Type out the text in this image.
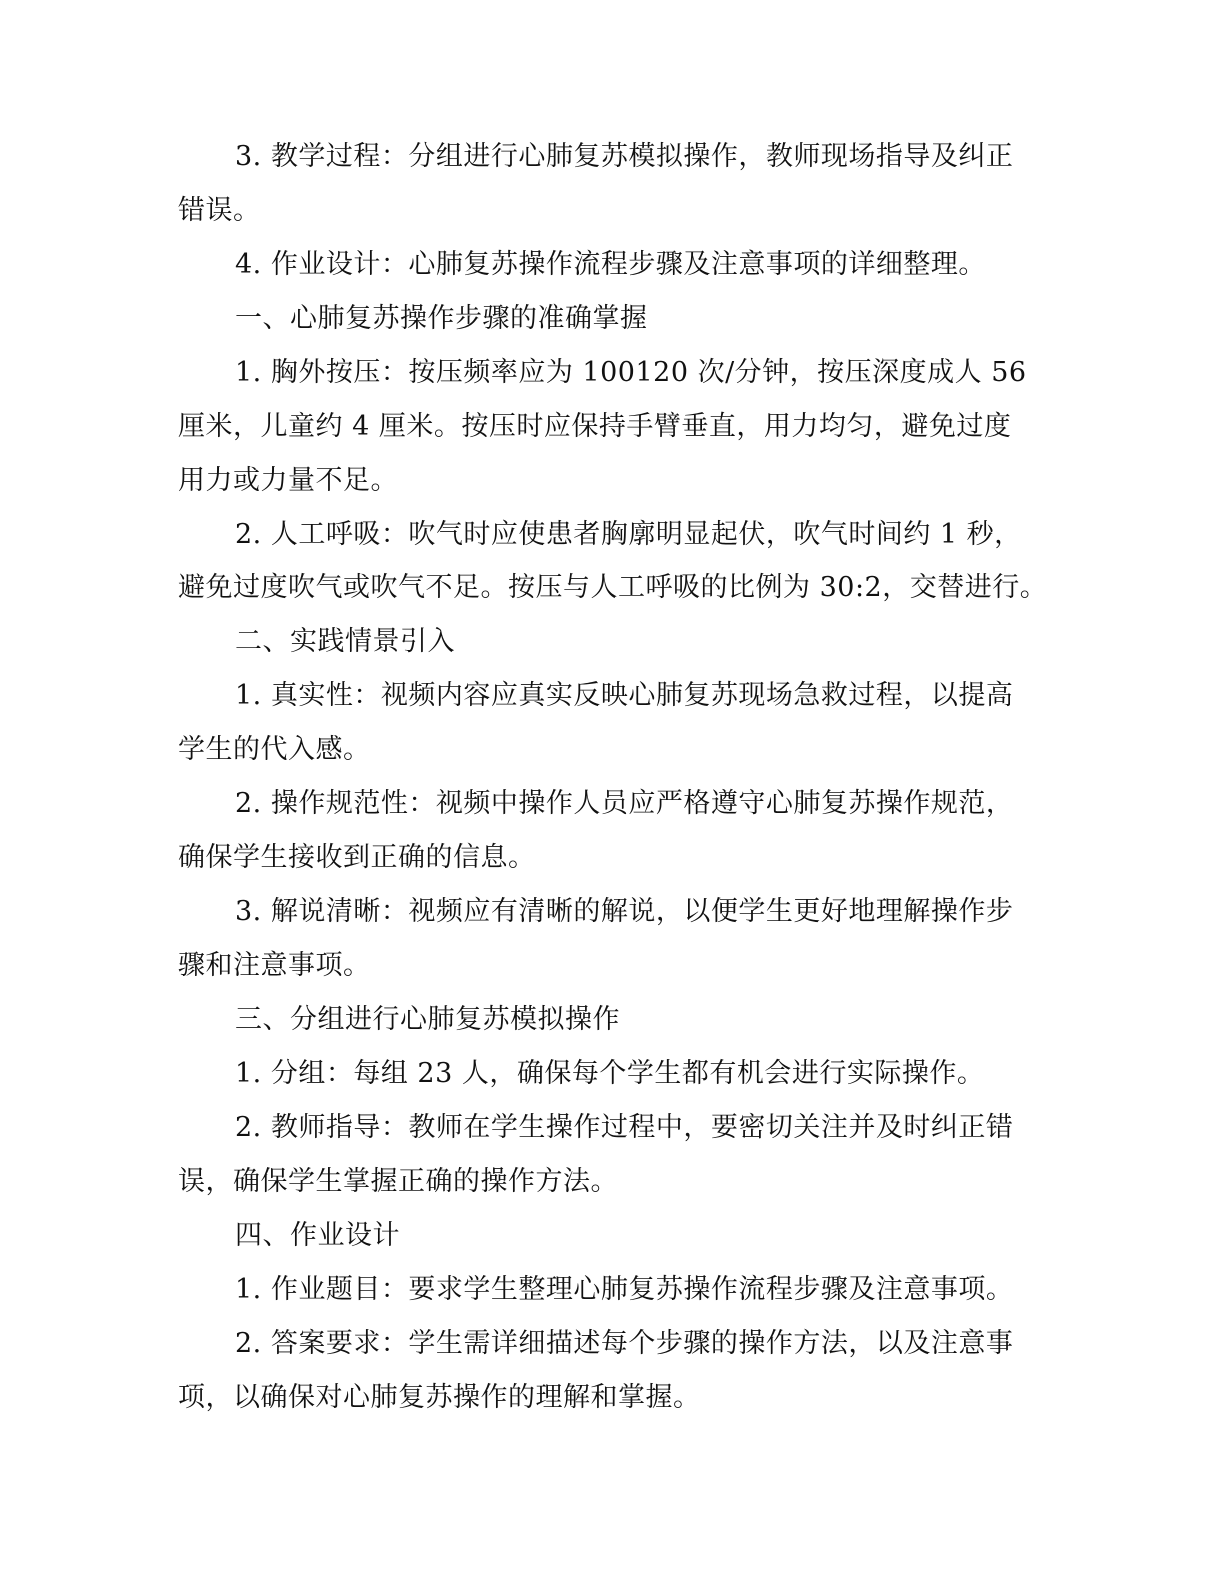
3. 教学过程：分组进行心肺复苏模拟操作，教师现场指导及纠正
错误。
4. 作业设计：心肺复苏操作流程步骤及注意事项的详细整理。
一、心肺复苏操作步骤的准确掌握
1. 胸外按压：按压频率应为 100120 次/分钟，按压深度成人 56
厘米，儿童约 4 厘米。按压时应保持手臂垂直，用力均匀，避免过度
用力或力量不足。
2. 人工呼吸：吹气时应使患者胸廓明显起伏，吹气时间约 1 秒，
避免过度吹气或吹气不足。按压与人工呼吸的比例为 30:2，交替进行。
二、实践情景引入
1. 真实性：视频内容应真实反映心肺复苏现场急救过程，以提高
学生的代入感。
2. 操作规范性：视频中操作人员应严格遵守心肺复苏操作规范，
确保学生接收到正确的信息。
3. 解说清晰：视频应有清晰的解说，以便学生更好地理解操作步
骤和注意事项。
三、分组进行心肺复苏模拟操作
1. 分组：每组 23 人，确保每个学生都有机会进行实际操作。
2. 教师指导：教师在学生操作过程中，要密切关注并及时纠正错
误，确保学生掌握正确的操作方法。
四、作业设计
1. 作业题目：要求学生整理心肺复苏操作流程步骤及注意事项。
2. 答案要求：学生需详细描述每个步骤的操作方法，以及注意事
项，以确保对心肺复苏操作的理解和掌握。
